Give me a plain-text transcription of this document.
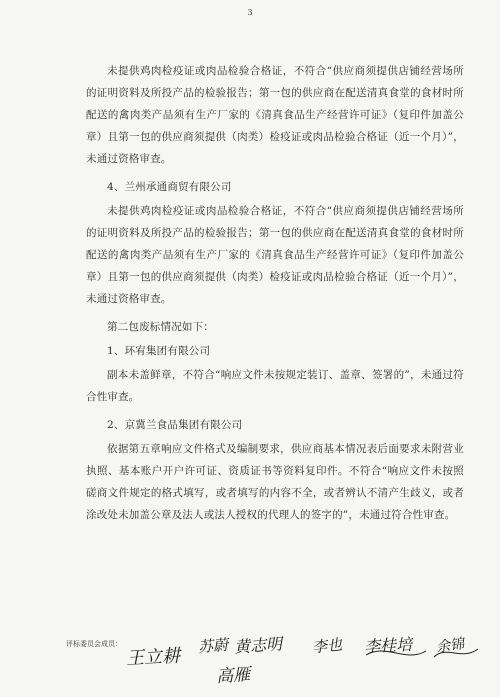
3

未提供鸡肉检疫证或肉品检验合格证，不符合“供应商须提供店铺经营场所的证明资料及所投产品的检验报告；第一包的供应商在配送清真食堂的食材时所配送的禽肉类产品须有生产厂家的《清真食品生产经营许可证》（复印件加盖公章）且第一包的供应商须提供（肉类）检疫证或肉品检验合格证（近一个月）”，未通过资格审查。

4、兰州承通商贸有限公司

未提供鸡肉检疫证或肉品检验合格证，不符合“供应商须提供店铺经营场所的证明资料及所投产品的检验报告；第一包的供应商在配送清真食堂的食材时所配送的禽肉类产品须有生产厂家的《清真食品生产经营许可证》（复印件加盖公章）且第一包的供应商须提供（肉类）检疫证或肉品检验合格证（近一个月）”，未通过资格审查。

第二包废标情况如下：

1、环宥集团有限公司

副本未盖鲜章，不符合“响应文件未按规定装订、盖章、签署的”，未通过符合性审查。

2、京冀兰食品集团有限公司

依据第五章响应文件格式及编制要求，供应商基本情况表后面要求未附营业执照、基本账户开户许可证、资质证书等资料复印件。不符合“响应文件未按照磋商文件规定的格式填写，或者填写的内容不全，或者辨认不清产生歧义，或者涂改处未加盖公章及法人或法人授权的代理人的签字的”，未通过符合性审查。

评标委员会成员：
王立耕 苏蔚 黄志明 李也 李桂培 余锦
高雁
